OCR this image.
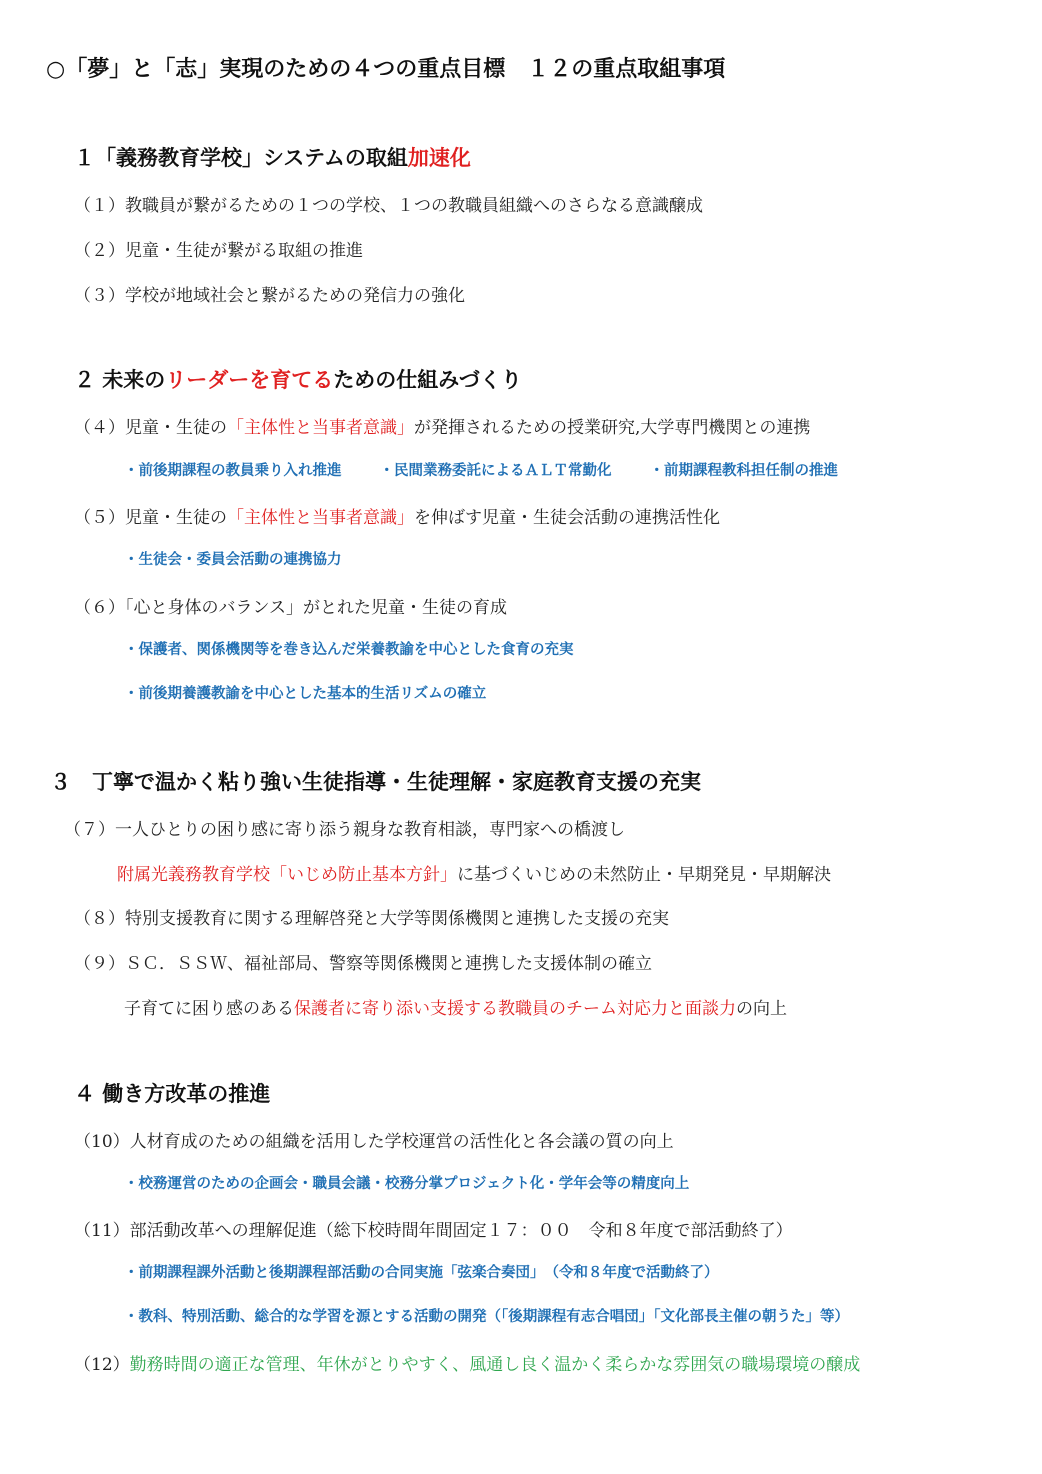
○「夢」と「志」実現のための４つの重点目標　１２の重点取組事項
１「義務教育学校」システムの取組加速化
（１）教職員が繋がるための１つの学校、１つの教職員組織へのさらなる意識醸成
（２）児童・生徒が繋がる取組の推進
（３）学校が地域社会と繋がるための発信力の強化
２ 未来のリーダーを育てるための仕組みづくり
（４）児童・生徒の「主体性と当事者意識」が発揮されるための授業研究,大学専門機関との連携
・前後期課程の教員乗り入れ推進	・民間業務委託によるＡＬＴ常勤化	・前期課程教科担任制の推進
（５）児童・生徒の「主体性と当事者意識」を伸ばす児童・生徒会活動の連携活性化
・生徒会・委員会活動の連携協力
（６）「心と身体のバランス」がとれた児童・生徒の育成
・保護者、関係機関等を巻き込んだ栄養教諭を中心とした食育の充実
・前後期養護教諭を中心とした基本的生活リズムの確立
３　丁寧で温かく粘り強い生徒指導・生徒理解・家庭教育支援の充実
（７）一人ひとりの困り感に寄り添う親身な教育相談，専門家への橋渡し
附属光義務教育学校「いじめ防止基本方針」に基づくいじめの未然防止・早期発見・早期解決
（８）特別支援教育に関する理解啓発と大学等関係機関と連携した支援の充実
（９）ＳＣ．ＳＳＷ、福祉部局、警察等関係機関と連携した支援体制の確立
子育てに困り感のある保護者に寄り添い支援する教職員のチーム対応力と面談力の向上
４ 働き方改革の推進
（10）人材育成のための組織を活用した学校運営の活性化と各会議の質の向上
・校務運営のための企画会・職員会議・校務分掌プロジェクト化・学年会等の精度向上
（11）部活動改革への理解促進（総下校時間年間固定１７：００　令和８年度で部活動終了）
・前期課程課外活動と後期課程部活動の合同実施「弦楽合奏団」　（令和８年度で活動終了）
・教科、特別活動、総合的な学習を源とする活動の開発（「後期課程有志合唱団」「文化部長主催の朝うた」等）
（12）勤務時間の適正な管理、年休がとりやすく、風通し良く温かく柔らかな雰囲気の職場環境の醸成
